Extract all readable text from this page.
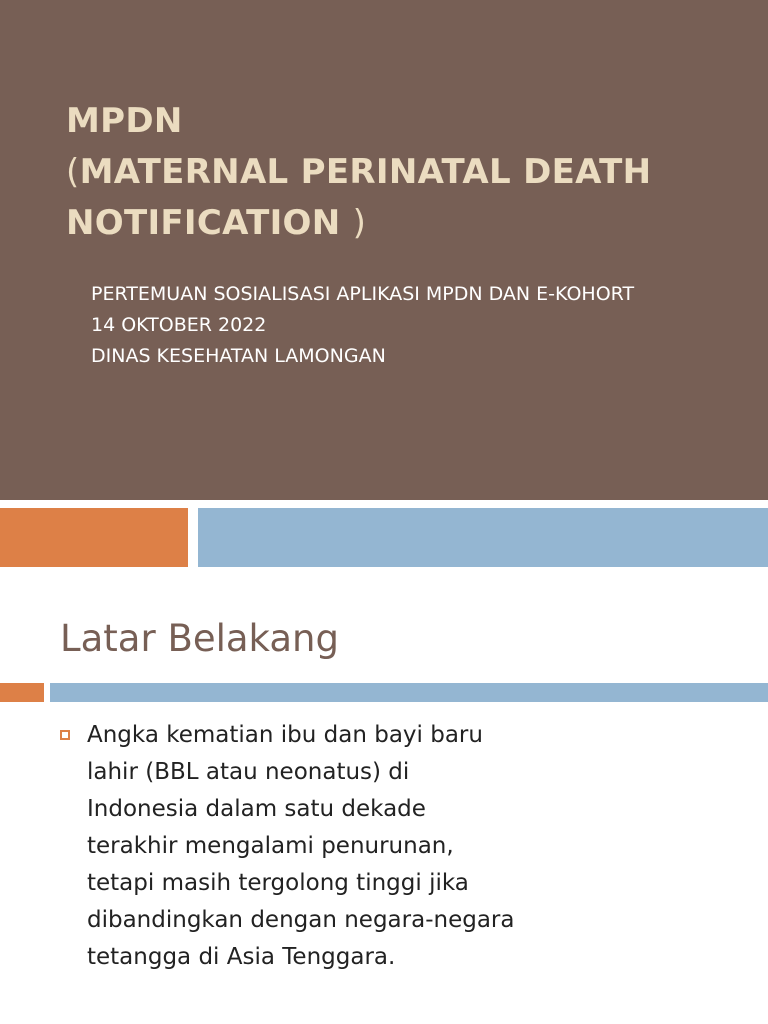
MPDN
(MATERNAL PERINATAL DEATH
NOTIFICATION )
PERTEMUAN SOSIALISASI APLIKASI MPDN DAN E-KOHORT
14 OKTOBER 2022
DINAS KESEHATAN LAMONGAN
Latar Belakang
Angka kematian ibu dan bayi baru
lahir (BBL atau neonatus) di
Indonesia dalam satu dekade
terakhir mengalami penurunan,
tetapi masih tergolong tinggi jika
dibandingkan dengan negara-negara
tetangga di Asia Tenggara.
